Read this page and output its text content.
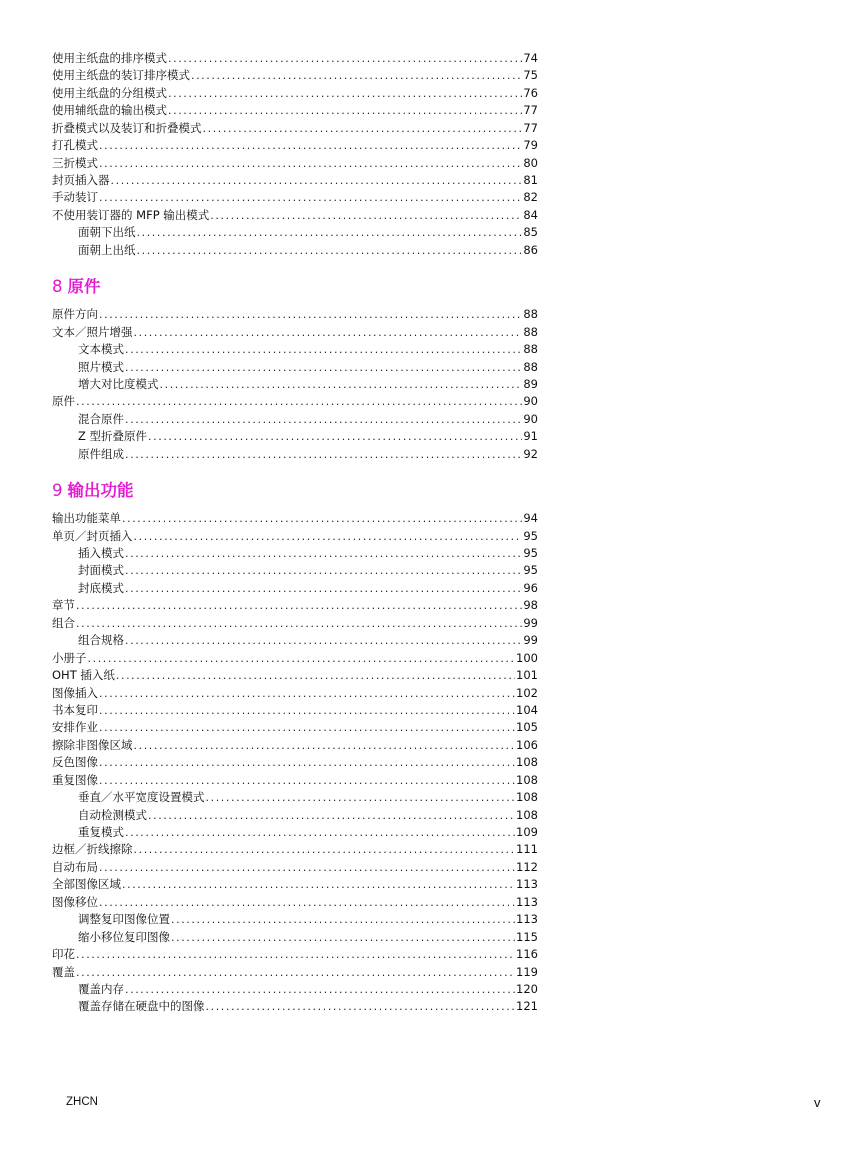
使用主纸盘的排序模式 .....	74
使用主纸盘的装订排序模式 .....	75
使用主纸盘的分组模式 .....	76
使用辅纸盘的输出模式 .....	77
折叠模式以及装订和折叠模式 .....	77
打孔模式 .....	79
三折模式 .....	80
封页插入器 .....	81
手动装订 .....	82
不使用装订器的 MFP 输出模式 .....	84
面朝下出纸 .....	85
面朝上出纸 .....	86
8 原件
原件方向 .....	88
文本／照片增强 .....	88
文本模式 .....	88
照片模式 .....	88
增大对比度模式 .....	89
原件 .....	90
混合原件 .....	90
Z 型折叠原件 .....	91
原件组成 .....	92
9 输出功能
输出功能菜单 .....	94
单页／封页插入 .....	95
插入模式 .....	95
封面模式 .....	95
封底模式 .....	96
章节 .....	98
组合 .....	99
组合规格 .....	99
小册子 .....	100
OHT 插入纸 .....	101
图像插入 .....	102
书本复印 .....	104
安排作业 .....	105
擦除非图像区域 .....	106
反色图像 .....	108
重复图像 .....	108
垂直／水平宽度设置模式 .....	108
自动检测模式 .....	108
重复模式 .....	109
边框／折线擦除 .....	111
自动布局 .....	112
全部图像区域 .....	113
图像移位 .....	113
调整复印图像位置 .....	113
缩小移位复印图像 .....	115
印花 .....	116
覆盖 .....	119
覆盖内存 .....	120
覆盖存储在硬盘中的图像 .....	121
ZHCN	v
